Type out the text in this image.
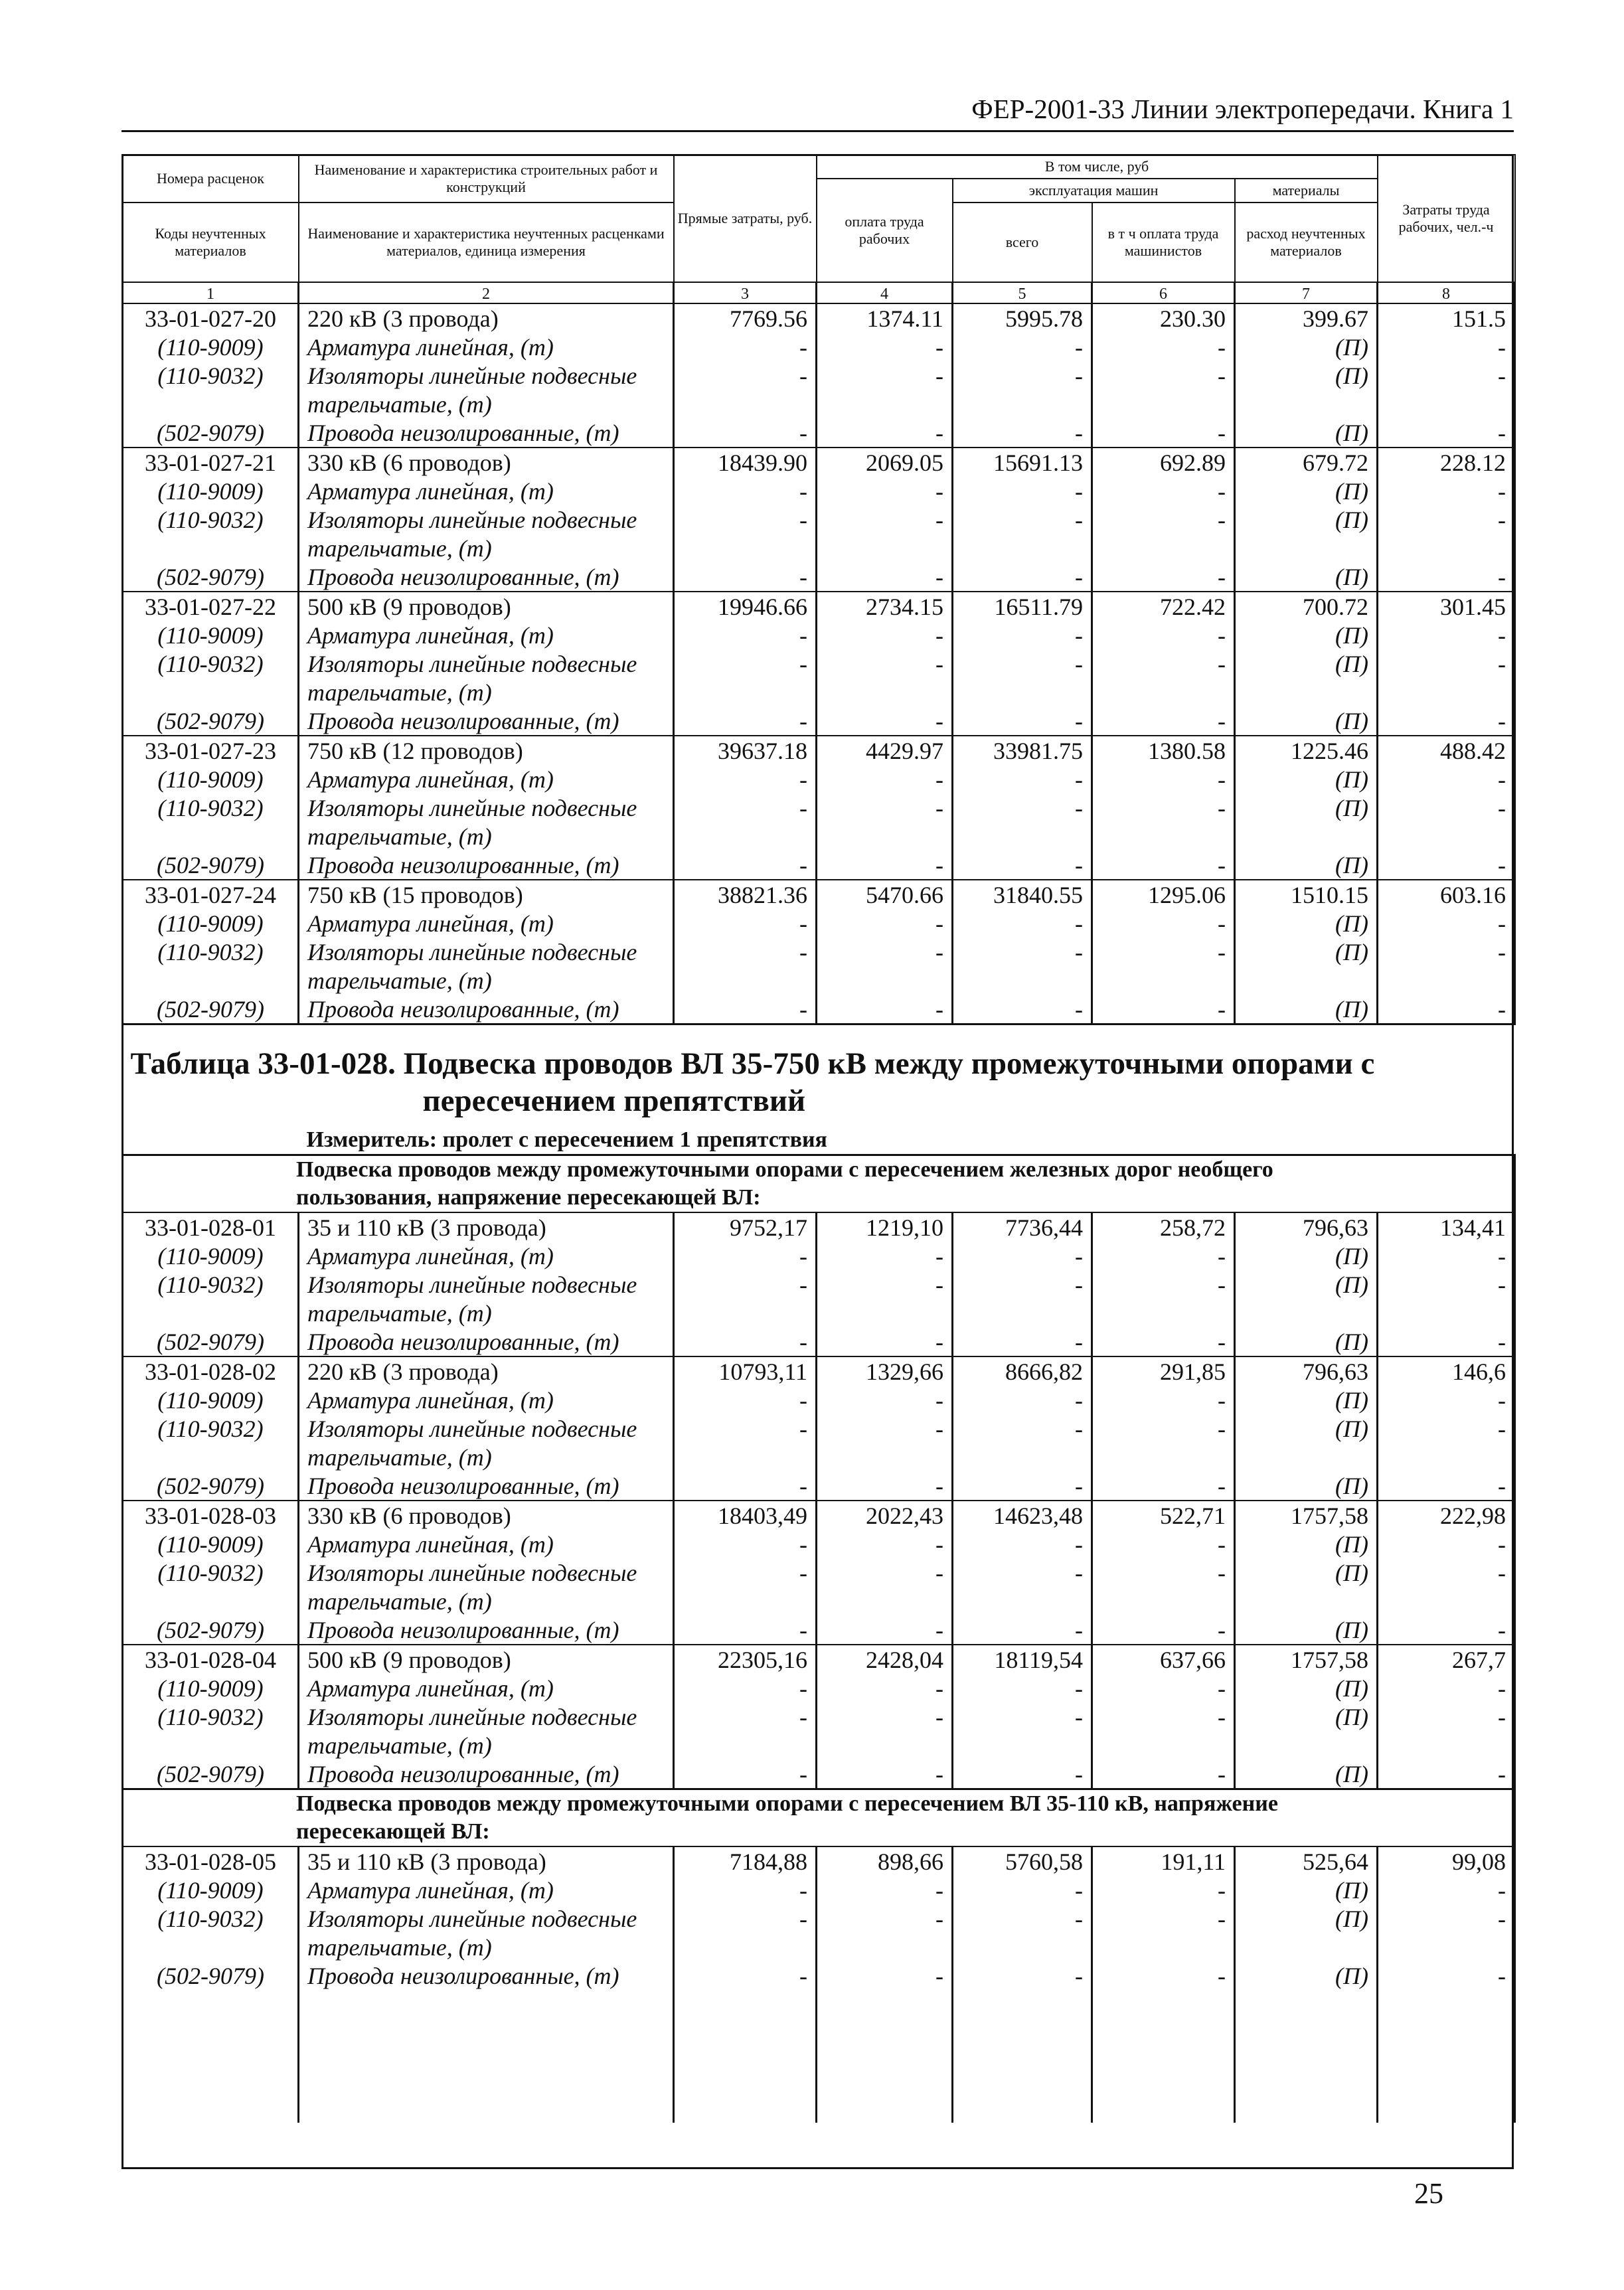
ФЕР-2001-33 Линии электропередачи. Книга 1
Номера расценок	Наименование и характеристика строительных работ и конструкций	Прямые затраты, руб.	В том числе, руб				Затраты труда рабочих, чел.-ч
			оплата труда рабочих	эксплуатация машин		материалы	
Коды неучтенных материалов	Наименование и характеристика неучтенных расценками материалов, единица измерения			всего	в т ч оплата труда машинистов	расход неучтенных материалов	

1	2	3	4	5	6	7	8
33-01-027-20	220 кВ (3 провода)	7769.56	1374.11	5995.78	230.30	399.67	151.5
(110-9009)	Арматура линейная, (т)	-	-	-	-	(П)	-
(110-9032)	Изоляторы линейные подвесные	-	-	-	-	(П)	-
	тарельчатые, (т)						
(502-9079)	Провода неизолированные, (т)	-	-	-	-	(П)	-
33-01-027-21	330 кВ (6 проводов)	18439.90	2069.05	15691.13	692.89	679.72	228.12
(110-9009)	Арматура линейная, (т)	-	-	-	-	(П)	-
(110-9032)	Изоляторы линейные подвесные	-	-	-	-	(П)	-
	тарельчатые, (т)						
(502-9079)	Провода неизолированные, (т)	-	-	-	-	(П)	-
33-01-027-22	500 кВ (9 проводов)	19946.66	2734.15	16511.79	722.42	700.72	301.45
(110-9009)	Арматура линейная, (т)	-	-	-	-	(П)	-
(110-9032)	Изоляторы линейные подвесные	-	-	-	-	(П)	-
	тарельчатые, (т)						
(502-9079)	Провода неизолированные, (т)	-	-	-	-	(П)	-
33-01-027-23	750 кВ (12 проводов)	39637.18	4429.97	33981.75	1380.58	1225.46	488.42
(110-9009)	Арматура линейная, (т)	-	-	-	-	(П)	-
(110-9032)	Изоляторы линейные подвесные	-	-	-	-	(П)	-
	тарельчатые, (т)						
(502-9079)	Провода неизолированные, (т)	-	-	-	-	(П)	-
33-01-027-24	750 кВ (15 проводов)	38821.36	5470.66	31840.55	1295.06	1510.15	603.16
(110-9009)	Арматура линейная, (т)	-	-	-	-	(П)	-
(110-9032)	Изоляторы линейные подвесные	-	-	-	-	(П)	-
	тарельчатые, (т)						
(502-9079)	Провода неизолированные, (т)	-	-	-	-	(П)	-

Таблица 33-01-028. Подвеска проводов ВЛ 35-750 кВ между промежуточными опорами с
пересечением препятствий							

	Измеритель: пролет с пересечением 1 препятствия						
Подвеска проводов между промежуточными опорами с пересечением железных дорог необщего пользования, напряжение пересекающей ВЛ:							
33-01-028-01	35 и 110 кВ (3 провода)	9752,17	1219,10	7736,44	258,72	796,63	134,41
(110-9009)	Арматура линейная, (т)	-	-	-	-	(П)	-
(110-9032)	Изоляторы линейные подвесные	-	-	-	-	(П)	-
	тарельчатые, (т)						
(502-9079)	Провода неизолированные, (т)	-	-	-	-	(П)	-
33-01-028-02	220 кВ (3 провода)	10793,11	1329,66	8666,82	291,85	796,63	146,6
(110-9009)	Арматура линейная, (т)	-	-	-	-	(П)	-
(110-9032)	Изоляторы линейные подвесные	-	-	-	-	(П)	-
	тарельчатые, (т)						
(502-9079)	Провода неизолированные, (т)	-	-	-	-	(П)	-
33-01-028-03	330 кВ (6 проводов)	18403,49	2022,43	14623,48	522,71	1757,58	222,98
(110-9009)	Арматура линейная, (т)	-	-	-	-	(П)	-
(110-9032)	Изоляторы линейные подвесные	-	-	-	-	(П)	-
	тарельчатые, (т)						
(502-9079)	Провода неизолированные, (т)	-	-	-	-	(П)	-
33-01-028-04	500 кВ (9 проводов)	22305,16	2428,04	18119,54	637,66	1757,58	267,7
(110-9009)	Арматура линейная, (т)	-	-	-	-	(П)	-
(110-9032)	Изоляторы линейные подвесные	-	-	-	-	(П)	-
	тарельчатые, (т)						
(502-9079)	Провода неизолированные, (т)	-	-	-	-	(П)	-
Подвеска проводов между промежуточными опорами с пересечением ВЛ 35-110 кВ, напряжение пересекающей ВЛ:							
33-01-028-05	35 и 110 кВ (3 провода)	7184,88	898,66	5760,58	191,11	525,64	99,08
(110-9009)	Арматура линейная, (т)	-	-	-	-	(П)	-
(110-9032)	Изоляторы линейные подвесные	-	-	-	-	(П)	-
	тарельчатые, (т)						
(502-9079)	Провода неизолированные, (т)	-	-	-	-	(П)	-

25
